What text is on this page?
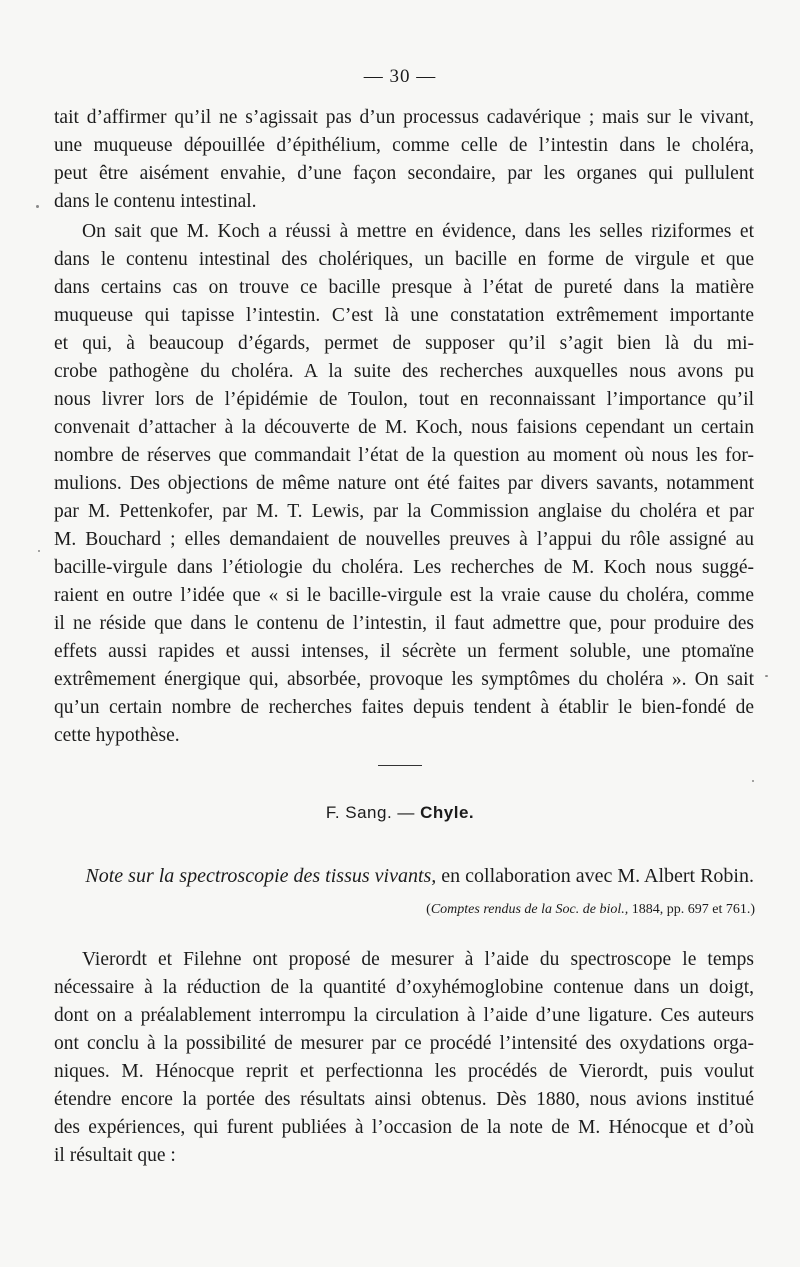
— 30 —

tait d’affirmer qu’il ne s’agissait pas d’un processus cadavérique ; mais sur le vivant,
une muqueuse dépouillée d’épithélium, comme celle de l’intestin dans le choléra,
peut être aisément envahie, d’une façon secondaire, par les organes qui pullulent
dans le contenu intestinal.

On sait que M. Koch a réussi à mettre en évidence, dans les selles riziformes et
dans le contenu intestinal des cholériques, un bacille en forme de virgule et que
dans certains cas on trouve ce bacille presque à l’état de pureté dans la matière
muqueuse qui tapisse l’intestin. C’est là une constatation extrêmement importante
et qui, à beaucoup d’égards, permet de supposer qu’il s’agit bien là du mi-
crobe pathogène du choléra. A la suite des recherches auxquelles nous avons pu
nous livrer lors de l’épidémie de Toulon, tout en reconnaissant l’importance qu’il
convenait d’attacher à la découverte de M. Koch, nous faisions cependant un certain
nombre de réserves que commandait l’état de la question au moment où nous les for-
mulions. Des objections de même nature ont été faites par divers savants, notamment
par M. Pettenkofer, par M. T. Lewis, par la Commission anglaise du choléra et par
M. Bouchard ; elles demandaient de nouvelles preuves à l’appui du rôle assigné au
bacille-virgule dans l’étiologie du choléra. Les recherches de M. Koch nous suggé-
raient en outre l’idée que « si le bacille-virgule est la vraie cause du choléra, comme
il ne réside que dans le contenu de l’intestin, il faut admettre que, pour produire des
effets aussi rapides et aussi intenses, il sécrète un ferment soluble, une ptomaïne
extrêmement énergique qui, absorbée, provoque les symptômes du choléra ». On sait
qu’un certain nombre de recherches faites depuis tendent à établir le bien-fondé de
cette hypothèse.

F. Sang. — Chyle.
Note sur la spectroscopie des tissus vivants, en collaboration avec M. Albert Robin.
(Comptes rendus de la Soc. de biol., 1884, pp. 697 et 761.)

Vierordt et Filehne ont proposé de mesurer à l’aide du spectroscope le temps
nécessaire à la réduction de la quantité d’oxyhémoglobine contenue dans un doigt,
dont on a préalablement interrompu la circulation à l’aide d’une ligature. Ces auteurs
ont conclu à la possibilité de mesurer par ce procédé l’intensité des oxydations orga-
niques. M. Hénocque reprit et perfectionna les procédés de Vierordt, puis voulut
étendre encore la portée des résultats ainsi obtenus. Dès 1880, nous avions institué
des expériences, qui furent publiées à l’occasion de la note de M. Hénocque et d’où
il résultait que :
